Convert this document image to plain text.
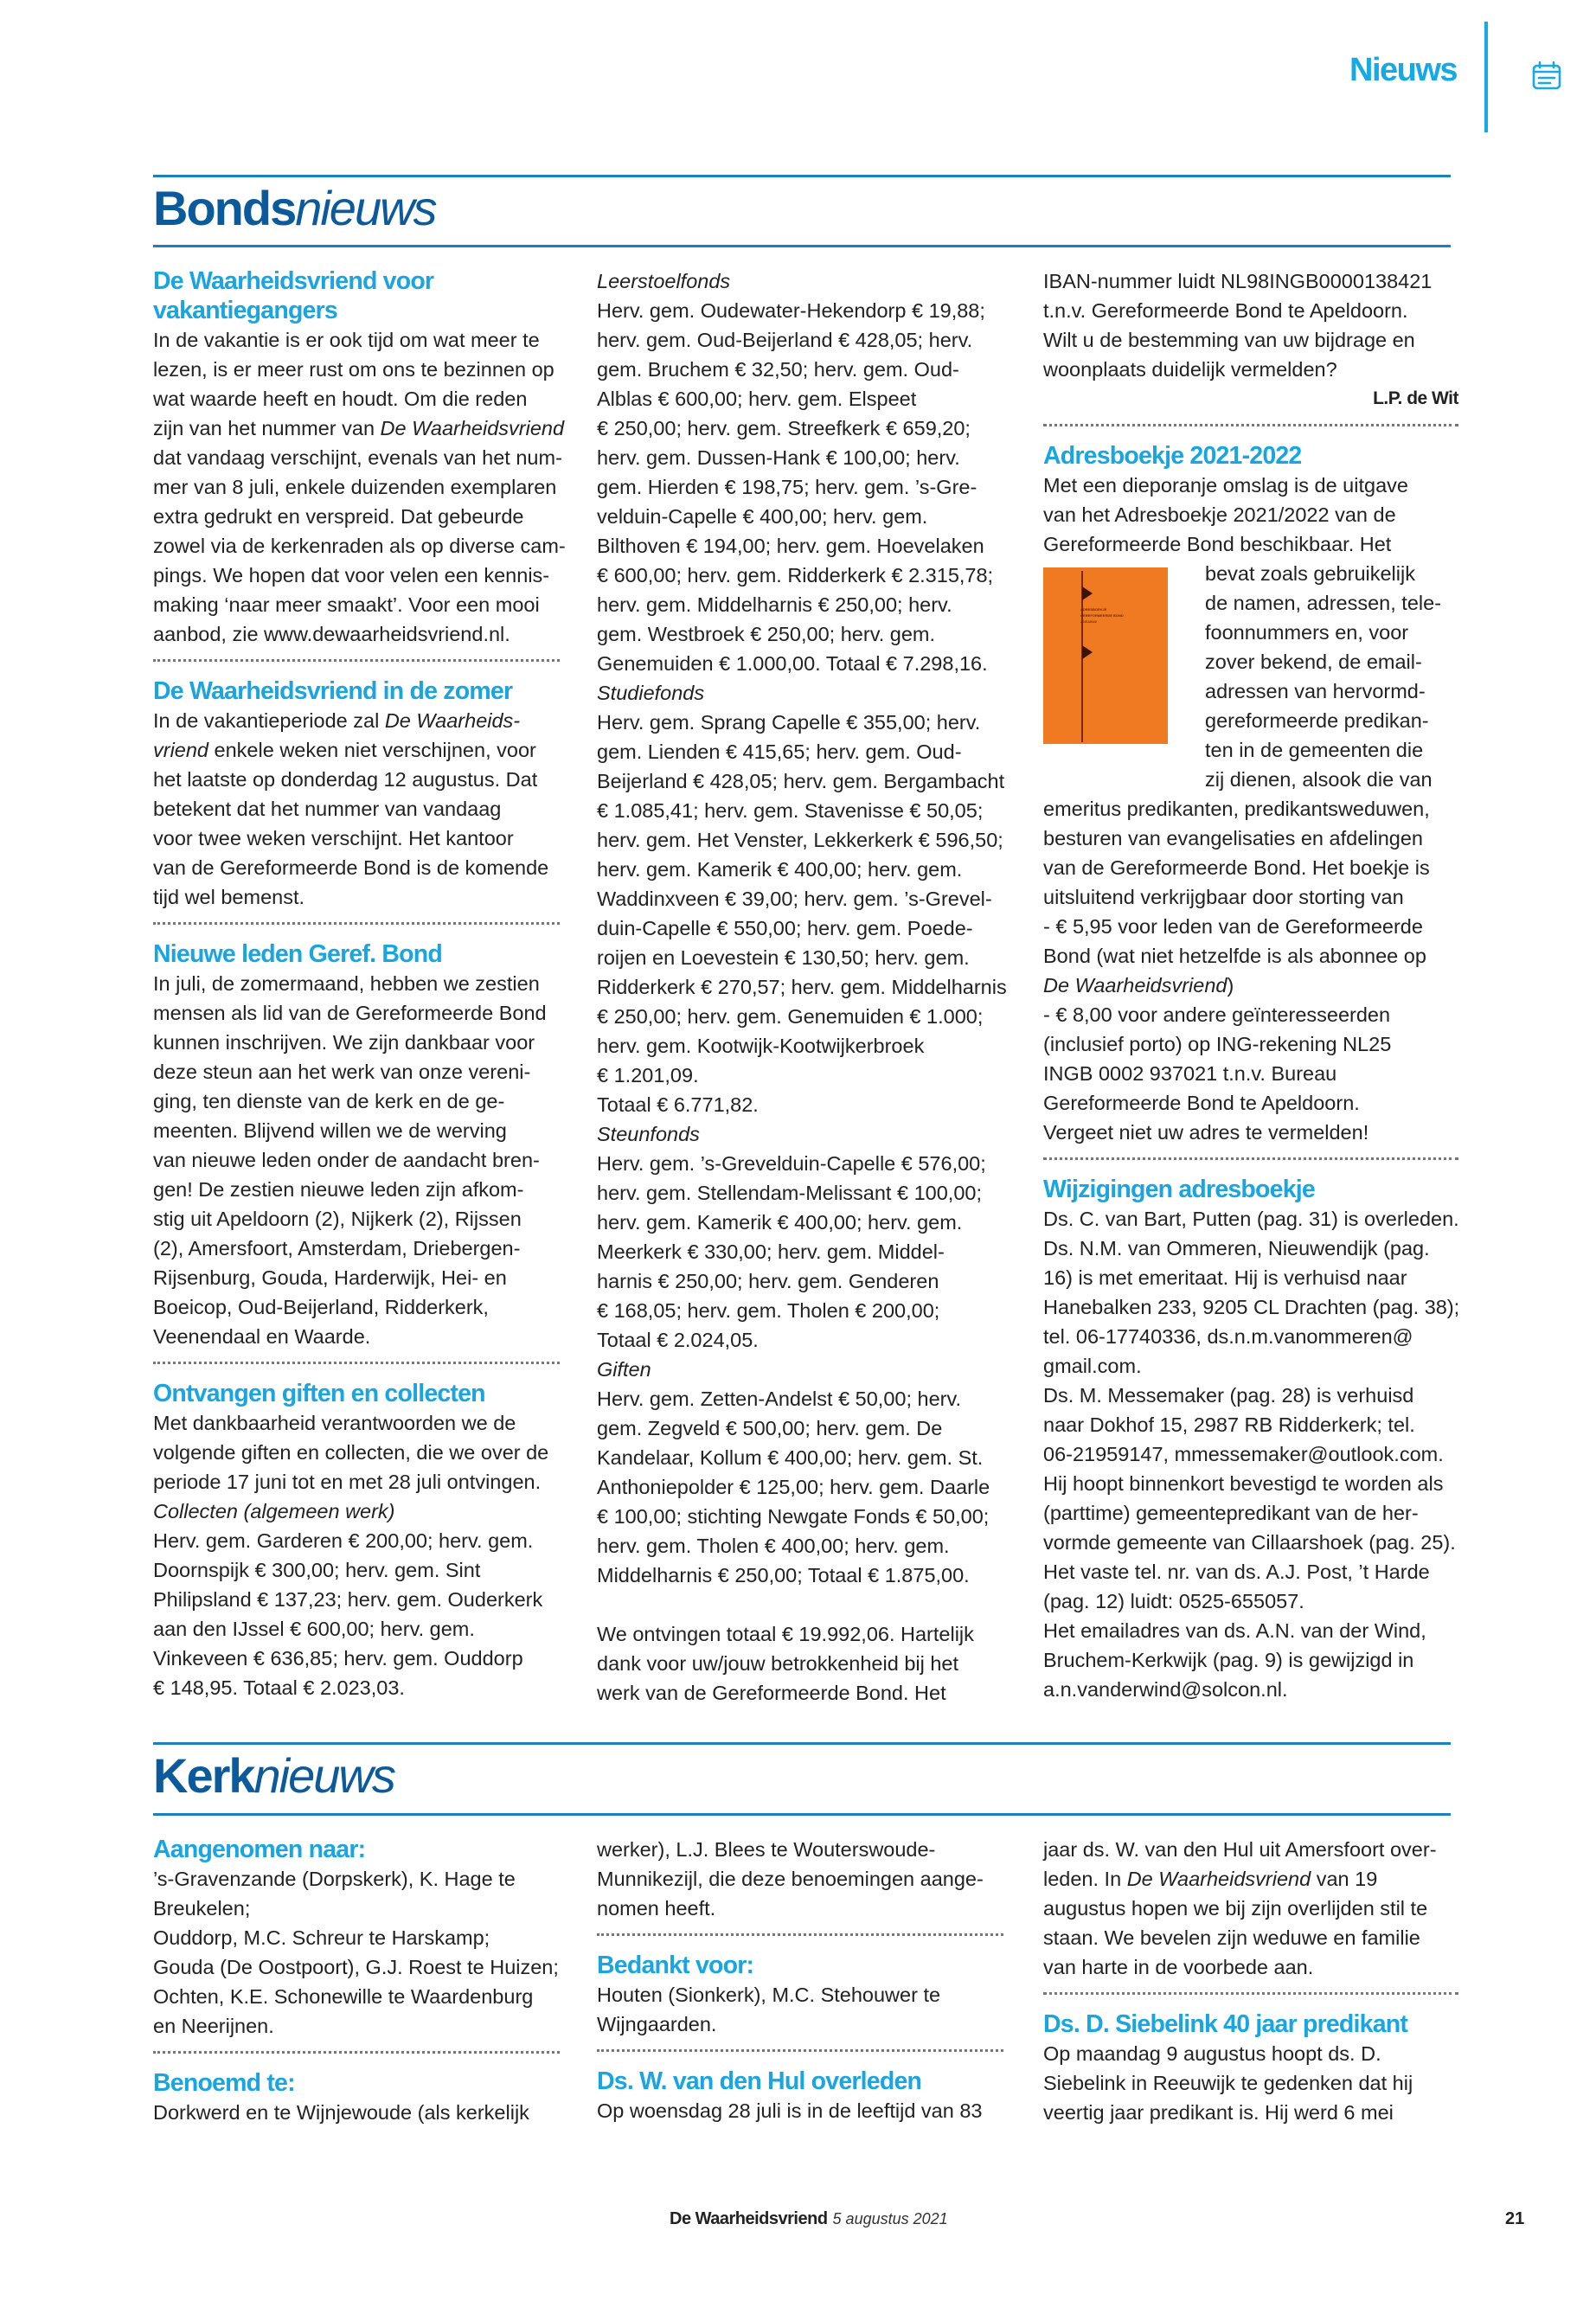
Nieuws
Bondsnieuws
De Waarheidsvriend voor
vakantiegangers
In de vakantie is er ook tijd om wat meer te
lezen, is er meer rust om ons te bezinnen op
wat waarde heeft en houdt. Om die reden
zijn van het nummer van De Waarheidsvriend
dat vandaag verschijnt, evenals van het num-
mer van 8 juli, enkele duizenden exemplaren
extra gedrukt en verspreid. Dat gebeurde
zowel via de kerkenraden als op diverse cam-
pings. We hopen dat voor velen een kennis-
making ‘naar meer smaakt’. Voor een mooi
aanbod, zie www.dewaarheidsvriend.nl.
De Waarheidsvriend in de zomer
In de vakantieperiode zal De Waarheids-
vriend enkele weken niet verschijnen, voor
het laatste op donderdag 12 augustus. Dat
betekent dat het nummer van vandaag
voor twee weken verschijnt. Het kantoor
van de Gereformeerde Bond is de komende
tijd wel bemenst.
Nieuwe leden Geref. Bond
In juli, de zomermaand, hebben we zestien
mensen als lid van de Gereformeerde Bond
kunnen inschrijven. We zijn dankbaar voor
deze steun aan het werk van onze vereni-
ging, ten dienste van de kerk en de ge-
meenten. Blijvend willen we de werving
van nieuwe leden onder de aandacht bren-
gen! De zestien nieuwe leden zijn afkom-
stig uit Apeldoorn (2), Nijkerk (2), Rijssen
(2), Amersfoort, Amsterdam, Driebergen-
Rijsenburg, Gouda, Harderwijk, Hei- en
Boeicop, Oud-Beijerland, Ridderkerk,
Veenendaal en Waarde.
Ontvangen giften en collecten
Met dankbaarheid verantwoorden we de
volgende giften en collecten, die we over de
periode 17 juni tot en met 28 juli ontvingen.
Collecten (algemeen werk)
Herv. gem. Garderen € 200,00; herv. gem.
Doornspijk € 300,00; herv. gem. Sint
Philipsland € 137,23; herv. gem. Ouderkerk
aan den IJssel € 600,00; herv. gem.
Vinkeveen € 636,85; herv. gem. Ouddorp
€ 148,95. Totaal € 2.023,03.
Leerstoelfonds
Herv. gem. Oudewater-Hekendorp € 19,88;
herv. gem. Oud-Beijerland € 428,05; herv.
gem. Bruchem € 32,50; herv. gem. Oud-
Alblas € 600,00; herv. gem. Elspeet
€ 250,00; herv. gem. Streefkerk € 659,20;
herv. gem. Dussen-Hank € 100,00; herv.
gem. Hierden € 198,75; herv. gem. ’s-Gre-
velduin-Capelle € 400,00; herv. gem.
Bilthoven € 194,00; herv. gem. Hoevelaken
€ 600,00; herv. gem. Ridderkerk € 2.315,78;
herv. gem. Middelharnis € 250,00; herv.
gem. Westbroek € 250,00; herv. gem.
Genemuiden € 1.000,00. Totaal € 7.298,16.
Studiefonds
Herv. gem. Sprang Capelle € 355,00; herv.
gem. Lienden € 415,65; herv. gem. Oud-
Beijerland € 428,05; herv. gem. Bergambacht
€ 1.085,41; herv. gem. Stavenisse € 50,05;
herv. gem. Het Venster, Lekkerkerk € 596,50;
herv. gem. Kamerik € 400,00; herv. gem.
Waddinxveen € 39,00; herv. gem. ’s-Grevel-
duin-Capelle € 550,00; herv. gem. Poede-
roijen en Loevestein € 130,50; herv. gem.
Ridderkerk € 270,57; herv. gem. Middelharnis
€ 250,00; herv. gem. Genemuiden € 1.000;
herv. gem. Kootwijk-Kootwijkerbroek
€ 1.201,09.
Totaal € 6.771,82.
Steunfonds
Herv. gem. ’s-Grevelduin-Capelle € 576,00;
herv. gem. Stellendam-Melissant € 100,00;
herv. gem. Kamerik € 400,00; herv. gem.
Meerkerk € 330,00; herv. gem. Middel-
harnis € 250,00; herv. gem. Genderen
€ 168,05; herv. gem. Tholen € 200,00;
Totaal € 2.024,05.
Giften
Herv. gem. Zetten-Andelst € 50,00; herv.
gem. Zegveld € 500,00; herv. gem. De
Kandelaar, Kollum € 400,00; herv. gem. St.
Anthoniepolder € 125,00; herv. gem. Daarle
€ 100,00; stichting Newgate Fonds € 50,00;
herv. gem. Tholen € 400,00; herv. gem.
Middelharnis € 250,00; Totaal € 1.875,00.
We ontvingen totaal € 19.992,06. Hartelijk
dank voor uw/jouw betrokkenheid bij het
werk van de Gereformeerde Bond. Het
IBAN-nummer luidt NL98INGB0000138421
t.n.v. Gereformeerde Bond te Apeldoorn.
Wilt u de bestemming van uw bijdrage en
woonplaats duidelijk vermelden?
L.P. de Wit
Adresboekje 2021-2022
Met een dieporanje omslag is de uitgave
van het Adresboekje 2021/2022 van de
Gereformeerde Bond beschikbaar. Het
ADRESBOEKJE
GEREFORMEERDE BOND
2021/2022
bevat zoals gebruikelijk
de namen, adressen, tele-
foonnummers en, voor
zover bekend, de email-
adressen van hervormd-
gereformeerde predikan-
ten in de gemeenten die
zij dienen, alsook die van
emeritus predikanten, predikantsweduwen,
besturen van evangelisaties en afdelingen
van de Gereformeerde Bond. Het boekje is
uitsluitend verkrijgbaar door storting van
- € 5,95 voor leden van de Gereformeerde
Bond (wat niet hetzelfde is als abonnee op
De Waarheidsvriend)
- € 8,00 voor andere geïnteresseerden
(inclusief porto) op ING-rekening NL25
INGB 0002 937021 t.n.v. Bureau
Gereformeerde Bond te Apeldoorn.
Vergeet niet uw adres te vermelden!
Wijzigingen adresboekje
Ds. C. van Bart, Putten (pag. 31) is overleden.
Ds. N.M. van Ommeren, Nieuwendijk (pag.
16) is met emeritaat. Hij is verhuisd naar
Hanebalken 233, 9205 CL Drachten (pag. 38);
tel. 06-17740336, ds.n.m.vanommeren@
gmail.com.
Ds. M. Messemaker (pag. 28) is verhuisd
naar Dokhof 15, 2987 RB Ridderkerk; tel.
06-21959147, mmessemaker@outlook.com.
Hij hoopt binnenkort bevestigd te worden als
(parttime) gemeentepredikant van de her-
vormde gemeente van Cillaarshoek (pag. 25).
Het vaste tel. nr. van ds. A.J. Post, ’t Harde
(pag. 12) luidt: 0525-655057.
Het emailadres van ds. A.N. van der Wind,
Bruchem-Kerkwijk (pag. 9) is gewijzigd in
a.n.vanderwind@solcon.nl.
Kerknieuws
Aangenomen naar:
’s-Gravenzande (Dorpskerk), K. Hage te
Breukelen;
Ouddorp, M.C. Schreur te Harskamp;
Gouda (De Oostpoort), G.J. Roest te Huizen;
Ochten, K.E. Schonewille te Waardenburg
en Neerijnen.
Benoemd te:
Dorkwerd en te Wijnjewoude (als kerkelijk
werker), L.J. Blees te Wouterswoude-
Munnikezijl, die deze benoemingen aange-
nomen heeft.
Bedankt voor:
Houten (Sionkerk), M.C. Stehouwer te
Wijngaarden.
Ds. W. van den Hul overleden
Op woensdag 28 juli is in de leeftijd van 83
jaar ds. W. van den Hul uit Amersfoort over-
leden. In De Waarheidsvriend van 19
augustus hopen we bij zijn overlijden stil te
staan. We bevelen zijn weduwe en familie
van harte in de voorbede aan.
Ds. D. Siebelink 40 jaar predikant
Op maandag 9 augustus hoopt ds. D.
Siebelink in Reeuwijk te gedenken dat hij
veertig jaar predikant is. Hij werd 6 mei
De Waarheidsvriend 5 augustus 2021	21
